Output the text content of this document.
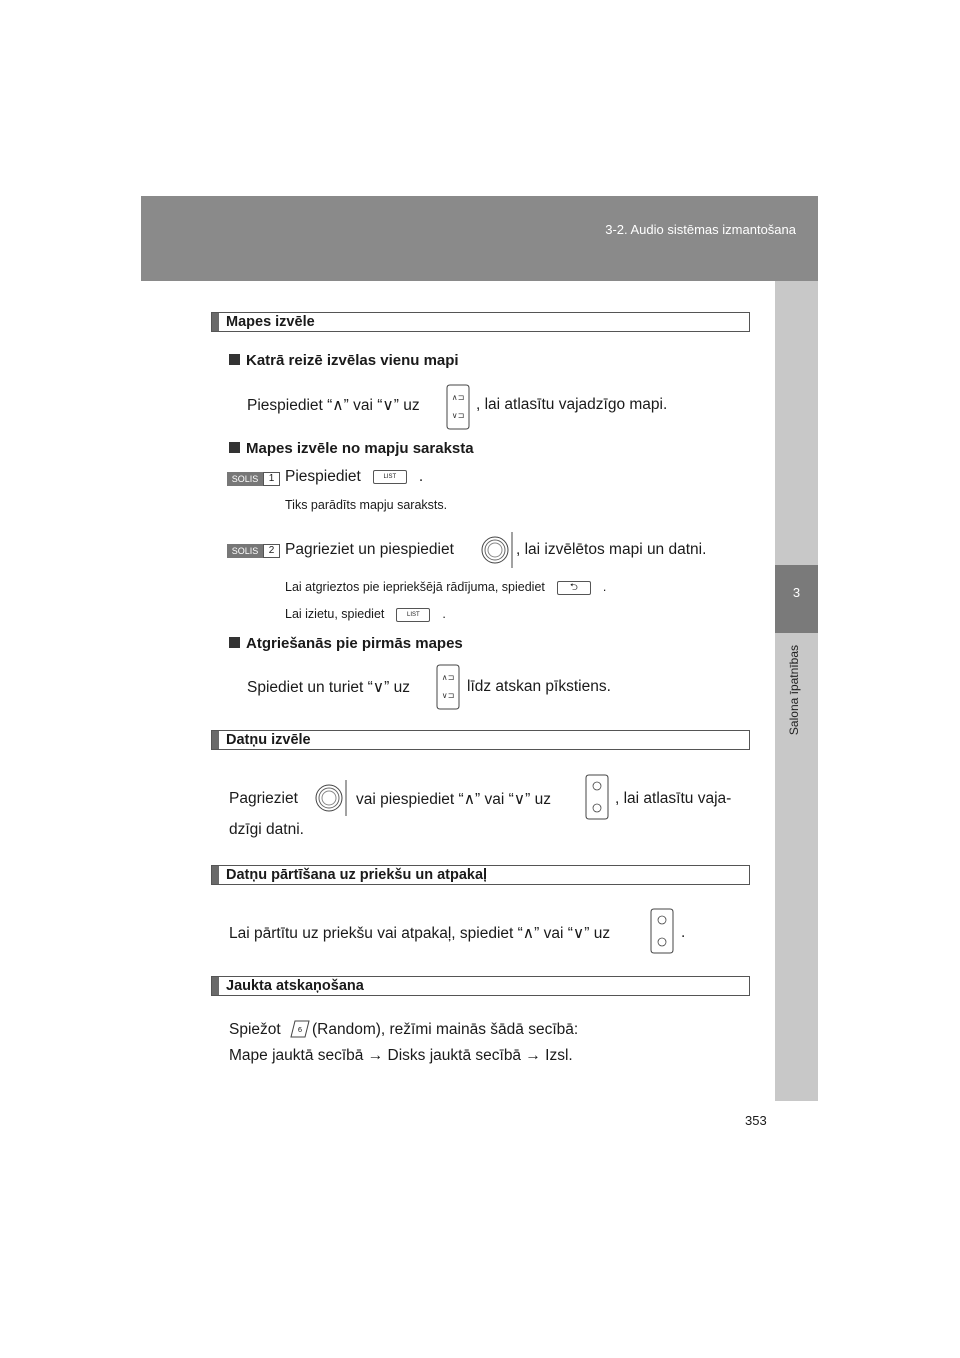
3-2. Audio sistēmas izmantošana
3
Salona īpatnības
Mapes izvēle
Katrā reizē izvēlas vienu mapi
Piespiediet “∧” vai “∨” uz	∧⊐
∨⊐
, lai atlasītu vajadzīgo mapi.
Mapes izvēle no mapju saraksta
SOLIS	1 Piespiediet	LIST .
Tiks parādīts mapju saraksts.
SOLIS	2 Pagrieziet un piespiediet	, lai izvēlētos mapi un datni.
Lai atgrieztos pie iepriekšējā rādījuma, spiediet ⮌ .
Lai izietu, spiediet	LIST .
Atgriešanās pie pirmās mapes
Spiediet un turiet “∨” uz
∧⊐
∨⊐
līdz atskan pīkstiens.
Datņu izvēle
Pagrieziet	vai piespiediet “∧” vai “∨” uz	, lai atlasītu vaja-
dzīgi datni.
Datņu pārtīšana uz priekšu un atpakaļ
Lai pārtītu uz priekšu vai atpakaļ, spiediet “∧” vai “∨” uz	.
Jaukta atskaņošana
Spiežot 6 (Random), režīmi mainās šādā secībā:
Mape jauktā secībā → Disks jauktā secībā → Izsl.
353
